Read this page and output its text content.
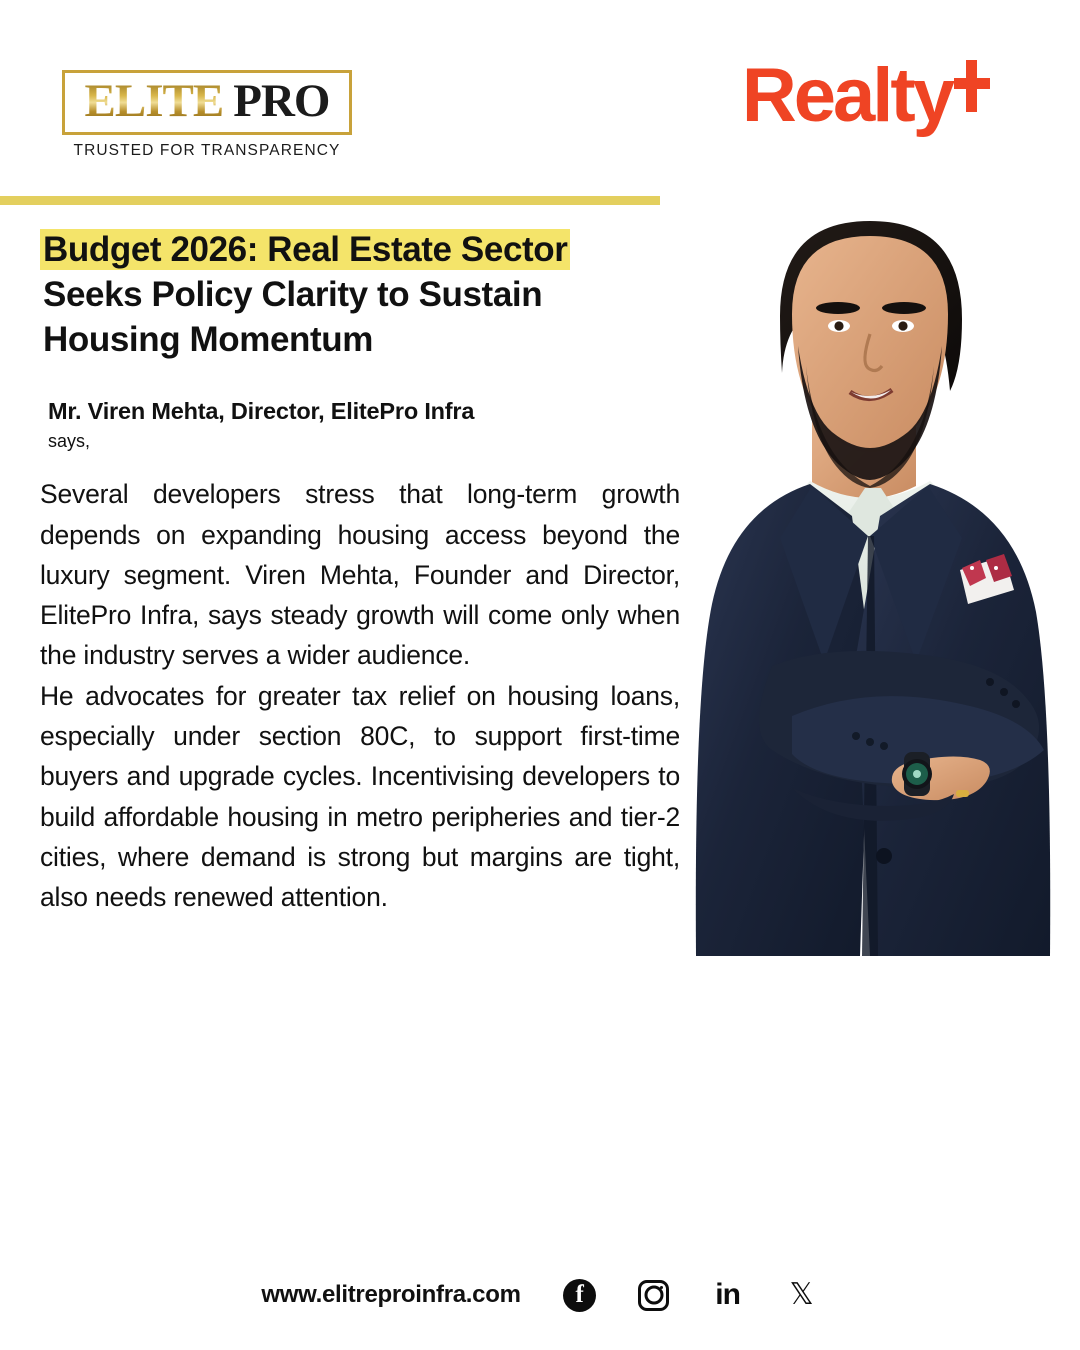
ELITE PRO
TRUSTED FOR TRANSPARENCY
Realty
Budget 2026: Real Estate Sector
Seeks Policy Clarity to Sustain
Housing Momentum
Mr. Viren Mehta, Director, ElitePro Infra
says,

Several developers stress that long-term growth depends on expanding housing access beyond the luxury segment. Viren Mehta, Founder and Director, ElitePro Infra, says steady growth will come only when the industry serves a wider audience.

He advocates for greater tax relief on housing loans, especially under section 80C, to support first-time buyers and upgrade cycles. Incentivising developers to build affordable housing in metro peripheries and tier-2 cities, where demand is strong but margins are tight, also needs renewed attention.

www.elitreproinfra.com f	in 𝕏
